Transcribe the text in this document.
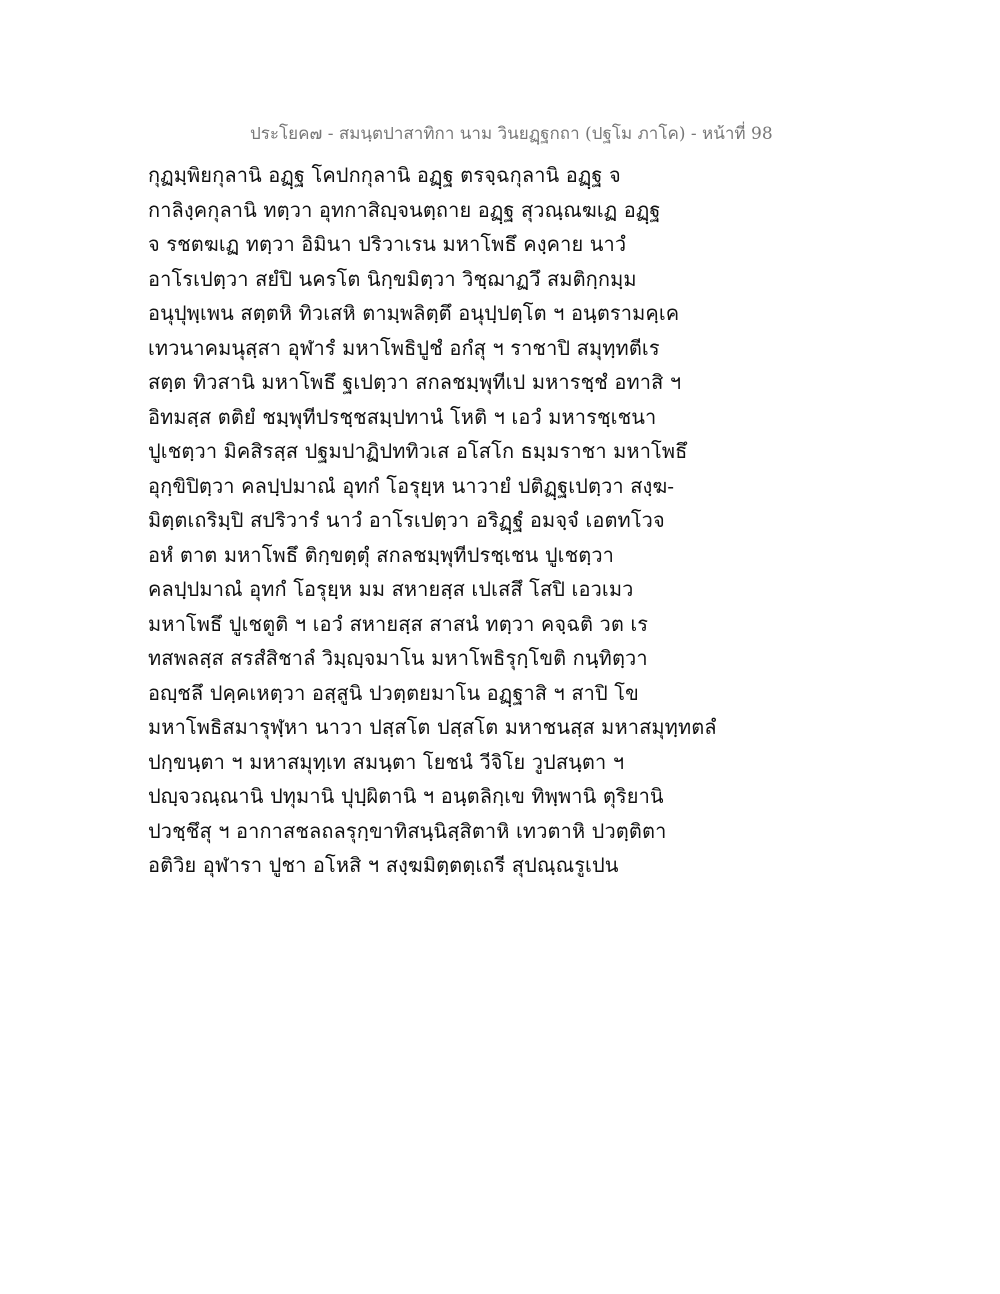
ประโยค๗ - สมนฺตปาสาทิกา นาม วินยฏฺฐกถา (ปฐโม ภาโค) - หน้าที่ 98
กุฏมฺพิยกุลานิ อฏฺฐ โคปกกุลานิ อฏฺฐ ตรจฺฉกุลานิ อฏฺฐ จ
กาลิงฺคกุลานิ ทตฺวา อุทกาสิญฺจนตฺถาย อฏฺฐ สุวณฺณฆเฏ อฏฺฐ
จ รชตฆเฏ ทตฺวา อิมินา ปริวาเรน มหาโพธึ คงฺคาย นาวํ
อาโรเปตฺวา สยํปิ นครโต นิกฺขมิตฺวา วิชฺฌาฏวึ สมติกฺกมฺม
อนุปุพฺเพน สตฺตหิ ทิวเสหิ ตามฺพลิตฺตึ อนุปฺปตฺโต ฯ อนฺตรามคฺเค
เทวนาคมนุสฺสา อุฬารํ มหาโพธิปูชํ อกํสุ ฯ ราชาปิ สมุทฺทตีเร
สตฺต ทิวสานิ มหาโพธึ ฐเปตฺวา สกลชมฺพุทีเป มหารชฺชํ อทาสิ ฯ
อิทมสฺส ตติยํ ชมฺพุทีปรชฺชสมฺปทานํ โหติ ฯ เอวํ มหารชฺเชนา
ปูเชตฺวา มิคสิรสฺส ปฐมปาฏิปททิวเส อโสโก ธมฺมราชา มหาโพธึ
อุกฺขิปิตฺวา คลปฺปมาณํ อุทกํ โอรุยฺห นาวายํ ปติฏฺฐเปตฺวา สงฺฆ-
มิตฺตเถริมฺปิ สปริวารํ นาวํ อาโรเปตฺวา อริฏฺฐํ อมจฺจํ เอตทโวจ
อหํ ตาต มหาโพธึ ติกฺขตฺตุํ สกลชมฺพุทีปรชฺเชน ปูเชตฺวา
คลปฺปมาณํ อุทกํ โอรุยฺห มม สหายสฺส เปเสสึ โสปิ เอวเมว
มหาโพธึ ปูเชตูติ ฯ เอวํ สหายสฺส สาสนํ ทตฺวา คจฺฉติ วต เร
ทสพลสฺส สรสํสิชาลํ วิมฺญฺจมาโน มหาโพธิรุกฺโขติ กนฺทิตฺวา
อญฺชลึ ปคฺคเหตฺวา อสฺสูนิ ปวตฺตยมาโน อฏฺฐาสิ ฯ สาปิ โข
มหาโพธิสมารุฬฺหา นาวา ปสฺสโต ปสฺสโต มหาชนสฺส มหาสมุทฺทตลํ
ปกฺขนฺตา ฯ มหาสมุทฺเท สมนฺตา โยชนํ วีจิโย วูปสนฺตา ฯ
ปญฺจวณฺณานิ ปทุมานิ ปุปฺผิตานิ ฯ อนฺตลิกฺเข ทิพฺพานิ ตุริยานิ
ปวชฺชึสุ ฯ อากาสชลถลรุกฺขาทิสนฺนิสฺสิตาหิ เทวตาหิ ปวตฺติตา
อติวิย อุฬารา ปูชา อโหสิ ฯ สงฺฆมิตฺตตฺเถรี สุปณฺณรูเปน
